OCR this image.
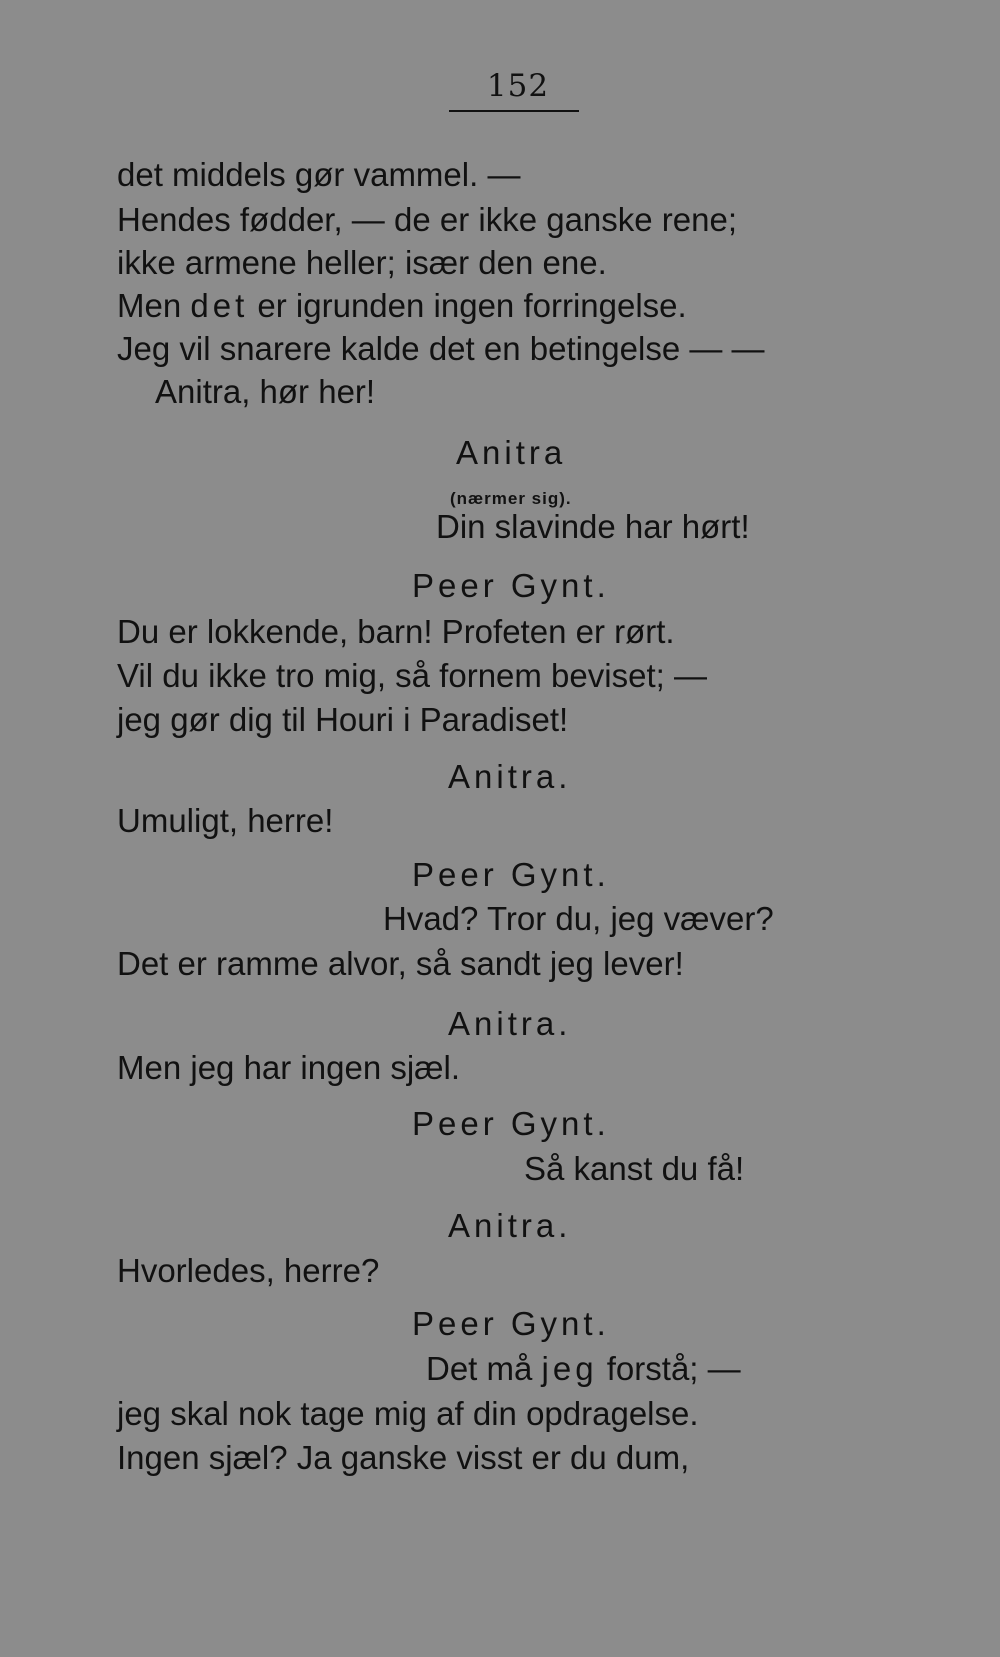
152
det middels gør vammel. —
Hendes fødder, — de er ikke ganske rene;
ikke armene heller; især den ene.
Men det er igrunden ingen forringelse.
Jeg vil snarere kalde det en betingelse — —
Anitra, hør her!
Anitra
(nærmer sig).
Din slavinde har hørt!
Peer Gynt.
Du er lokkende, barn! Profeten er rørt.
Vil du ikke tro mig, så fornem beviset; —
jeg gør dig til Houri i Paradiset!
Anitra.
Umuligt, herre!
Peer Gynt.
Hvad? Tror du, jeg væver?
Det er ramme alvor, så sandt jeg lever!
Anitra.
Men jeg har ingen sjæl.
Peer Gynt.
Så kanst du få!
Anitra.
Hvorledes, herre?
Peer Gynt.
Det må jeg forstå; —
jeg skal nok tage mig af din opdragelse.
Ingen sjæl? Ja ganske visst er du dum,
